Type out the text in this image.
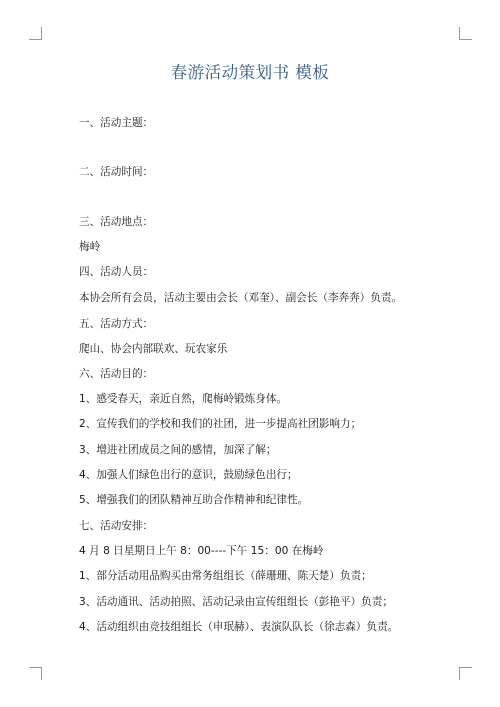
春游活动策划书 模板
一、活动主题：
二、活动时间：
三、活动地点：
梅岭
四、活动人员：
本协会所有会员，活动主要由会长（邓奎）、副会长（李奔奔）负责。
五、活动方式：
爬山、协会内部联欢、玩农家乐
六、活动目的：
1、感受春天，亲近自然，爬梅岭锻炼身体。
2、宣传我们的学校和我们的社团，进一步提高社团影响力；
3、增进社团成员之间的感情，加深了解；
4、加强人们绿色出行的意识，鼓励绿色出行；
5、增强我们的团队精神互助合作精神和纪律性。
七、活动安排：
4 月 8 日星期日上午 8：00----下午 15：00 在梅岭
1、部分活动用品购买由常务组组长（薛珊珊、陈天楚）负责；
3、活动通讯、活动拍照、活动记录由宣传组组长（彭艳平）负责；
4、活动组织由竞技组组长（申珉赫）、表演队队长（徐志森）负责。
